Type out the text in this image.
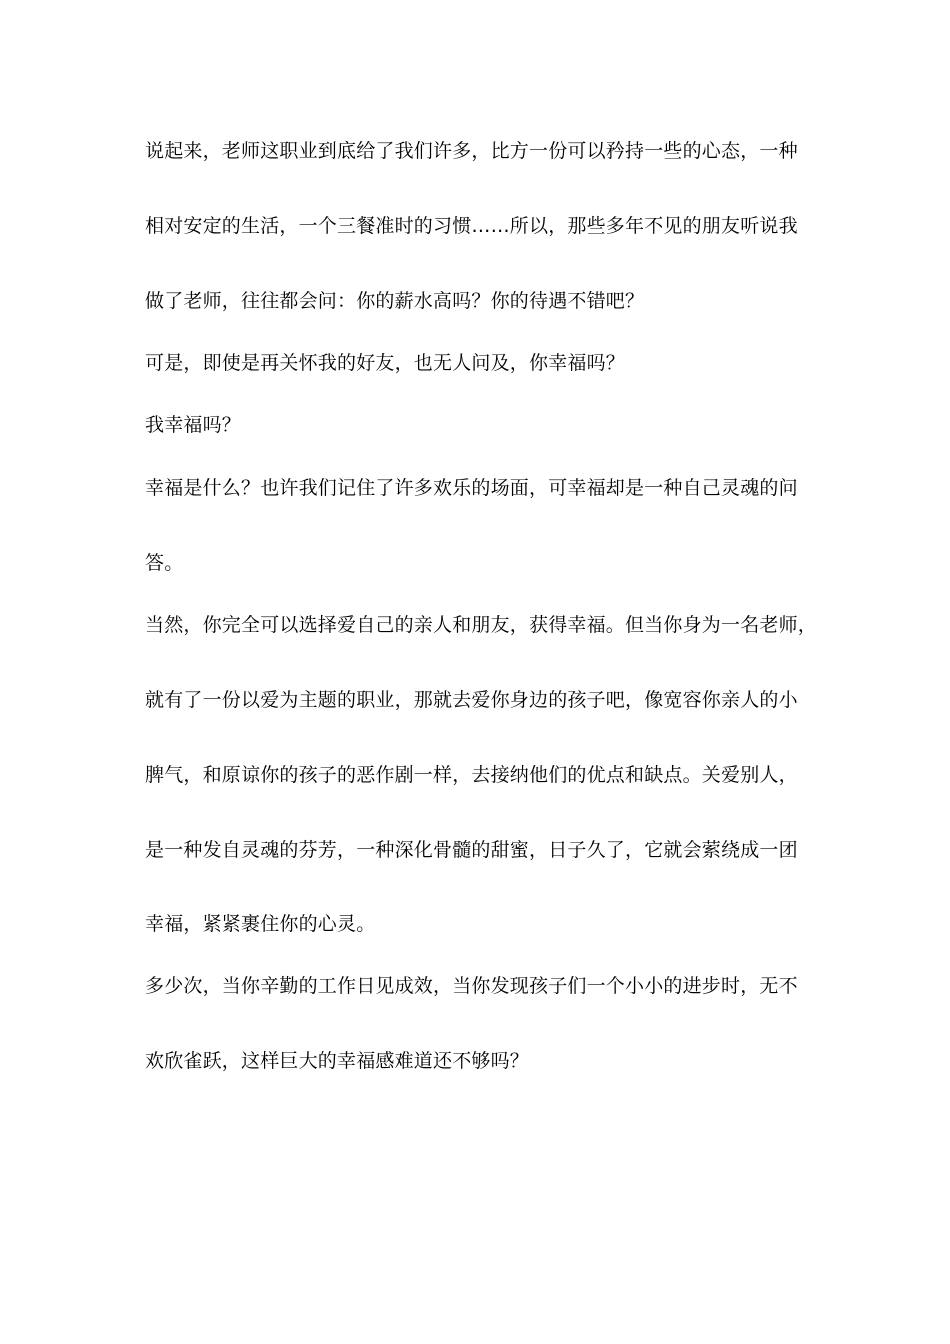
说起来，老师这职业到底给了我们许多，比方一份可以矜持一些的心态，一种
相对安定的生活，一个三餐准时的习惯……所以，那些多年不见的朋友听说我
做了老师，往往都会问：你的薪水高吗？你的待遇不错吧？
可是，即使是再关怀我的好友，也无人问及，你幸福吗？
我幸福吗？
幸福是什么？也许我们记住了许多欢乐的场面，可幸福却是一种自己灵魂的问
答。
当然，你完全可以选择爱自己的亲人和朋友，获得幸福。但当你身为一名老师，
就有了一份以爱为主题的职业，那就去爱你身边的孩子吧，像宽容你亲人的小
脾气，和原谅你的孩子的恶作剧一样，去接纳他们的优点和缺点。关爱别人，
是一种发自灵魂的芬芳，一种深化骨髓的甜蜜，日子久了，它就会萦绕成一团
幸福，紧紧裹住你的心灵。
多少次，当你辛勤的工作日见成效，当你发现孩子们一个小小的进步时，无不
欢欣雀跃，这样巨大的幸福感难道还不够吗？
